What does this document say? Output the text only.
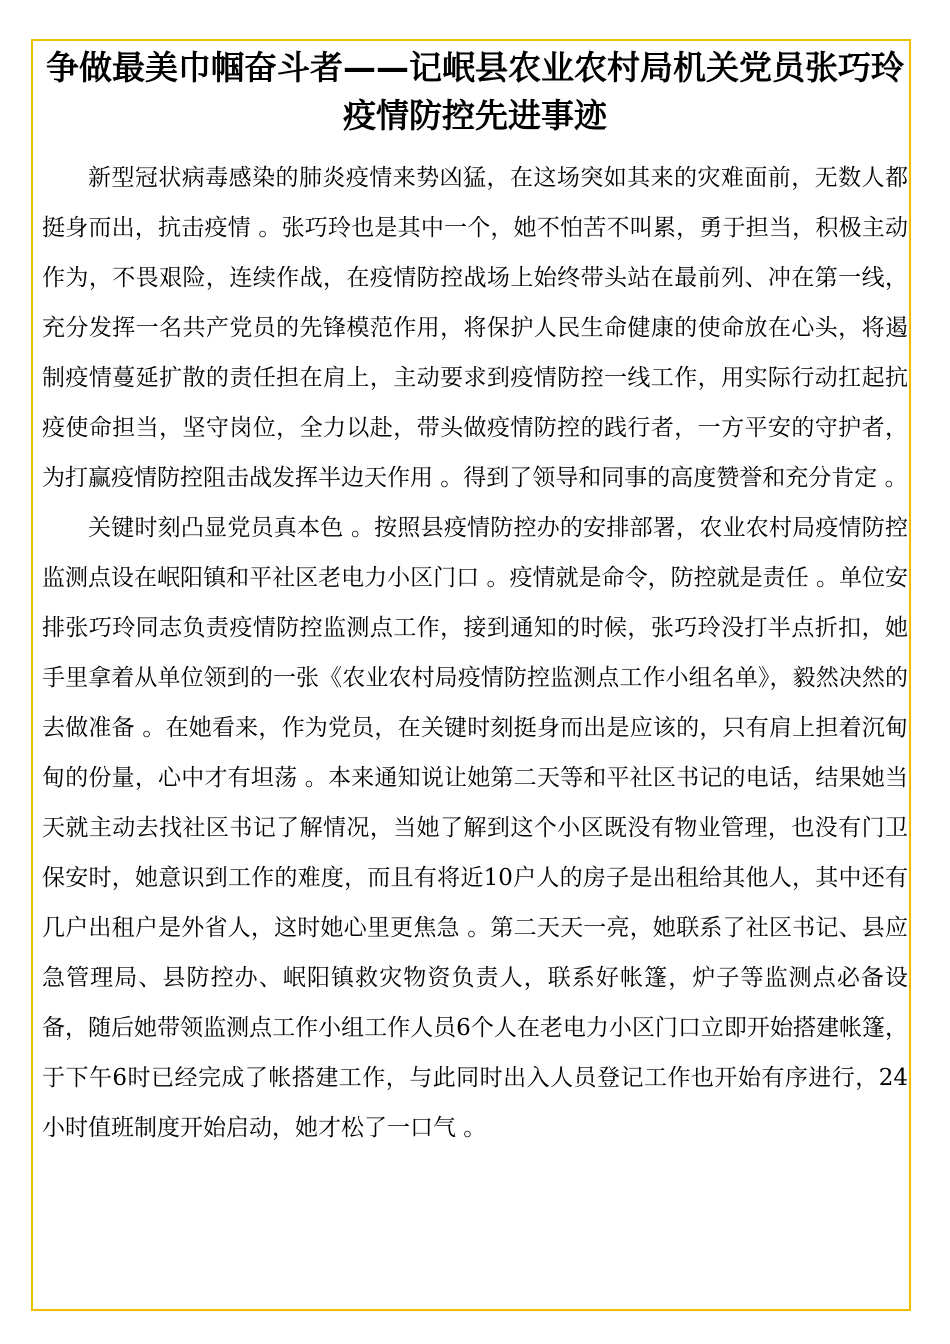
争做最美巾帼奋斗者——记岷县农业农村局机关党员张巧玲疫情防控先进事迹

新型冠状病毒感染的肺炎疫情来势凶猛，在这场突如其来的灾难面前，无数人都挺身而出，抗击疫情 。张巧玲也是其中一个，她不怕苦不叫累，勇于担当，积极主动作为，不畏艰险，连续作战，在疫情防控战场上始终带头站在最前列、冲在第一线，充分发挥一名共产党员的先锋模范作用，将保护人民生命健康的使命放在心头，将遏制疫情蔓延扩散的责任担在肩上，主动要求到疫情防控一线工作，用实际行动扛起抗疫使命担当，坚守岗位，全力以赴，带头做疫情防控的践行者，一方平安的守护者，为打赢疫情防控阻击战发挥半边天作用 。得到了领导和同事的高度赞誉和充分肯定 。

关键时刻凸显党员真本色 。按照县疫情防控办的安排部署，农业农村局疫情防控监测点设在岷阳镇和平社区老电力小区门口 。疫情就是命令，防控就是责任 。单位安排张巧玲同志负责疫情防控监测点工作，接到通知的时候，张巧玲没打半点折扣，她手里拿着从单位领到的一张《农业农村局疫情防控监测点工作小组名单》，毅然决然的去做准备 。在她看来，作为党员，在关键时刻挺身而出是应该的，只有肩上担着沉甸甸的份量，心中才有坦荡 。本来通知说让她第二天等和平社区书记的电话，结果她当天就主动去找社区书记了解情况，当她了解到这个小区既没有物业管理，也没有门卫保安时，她意识到工作的难度，而且有将近10户人的房子是出租给其他人，其中还有几户出租户是外省人，这时她心里更焦急 。第二天天一亮，她联系了社区书记、县应急管理局、县防控办、岷阳镇救灾物资负责人，联系好帐篷，炉子等监测点必备设备，随后她带领监测点工作小组工作人员6个人在老电力小区门口立即开始搭建帐篷，于下午6时已经完成了帐搭建工作，与此同时出入人员登记工作也开始有序进行，24小时值班制度开始启动，她才松了一口气 。
